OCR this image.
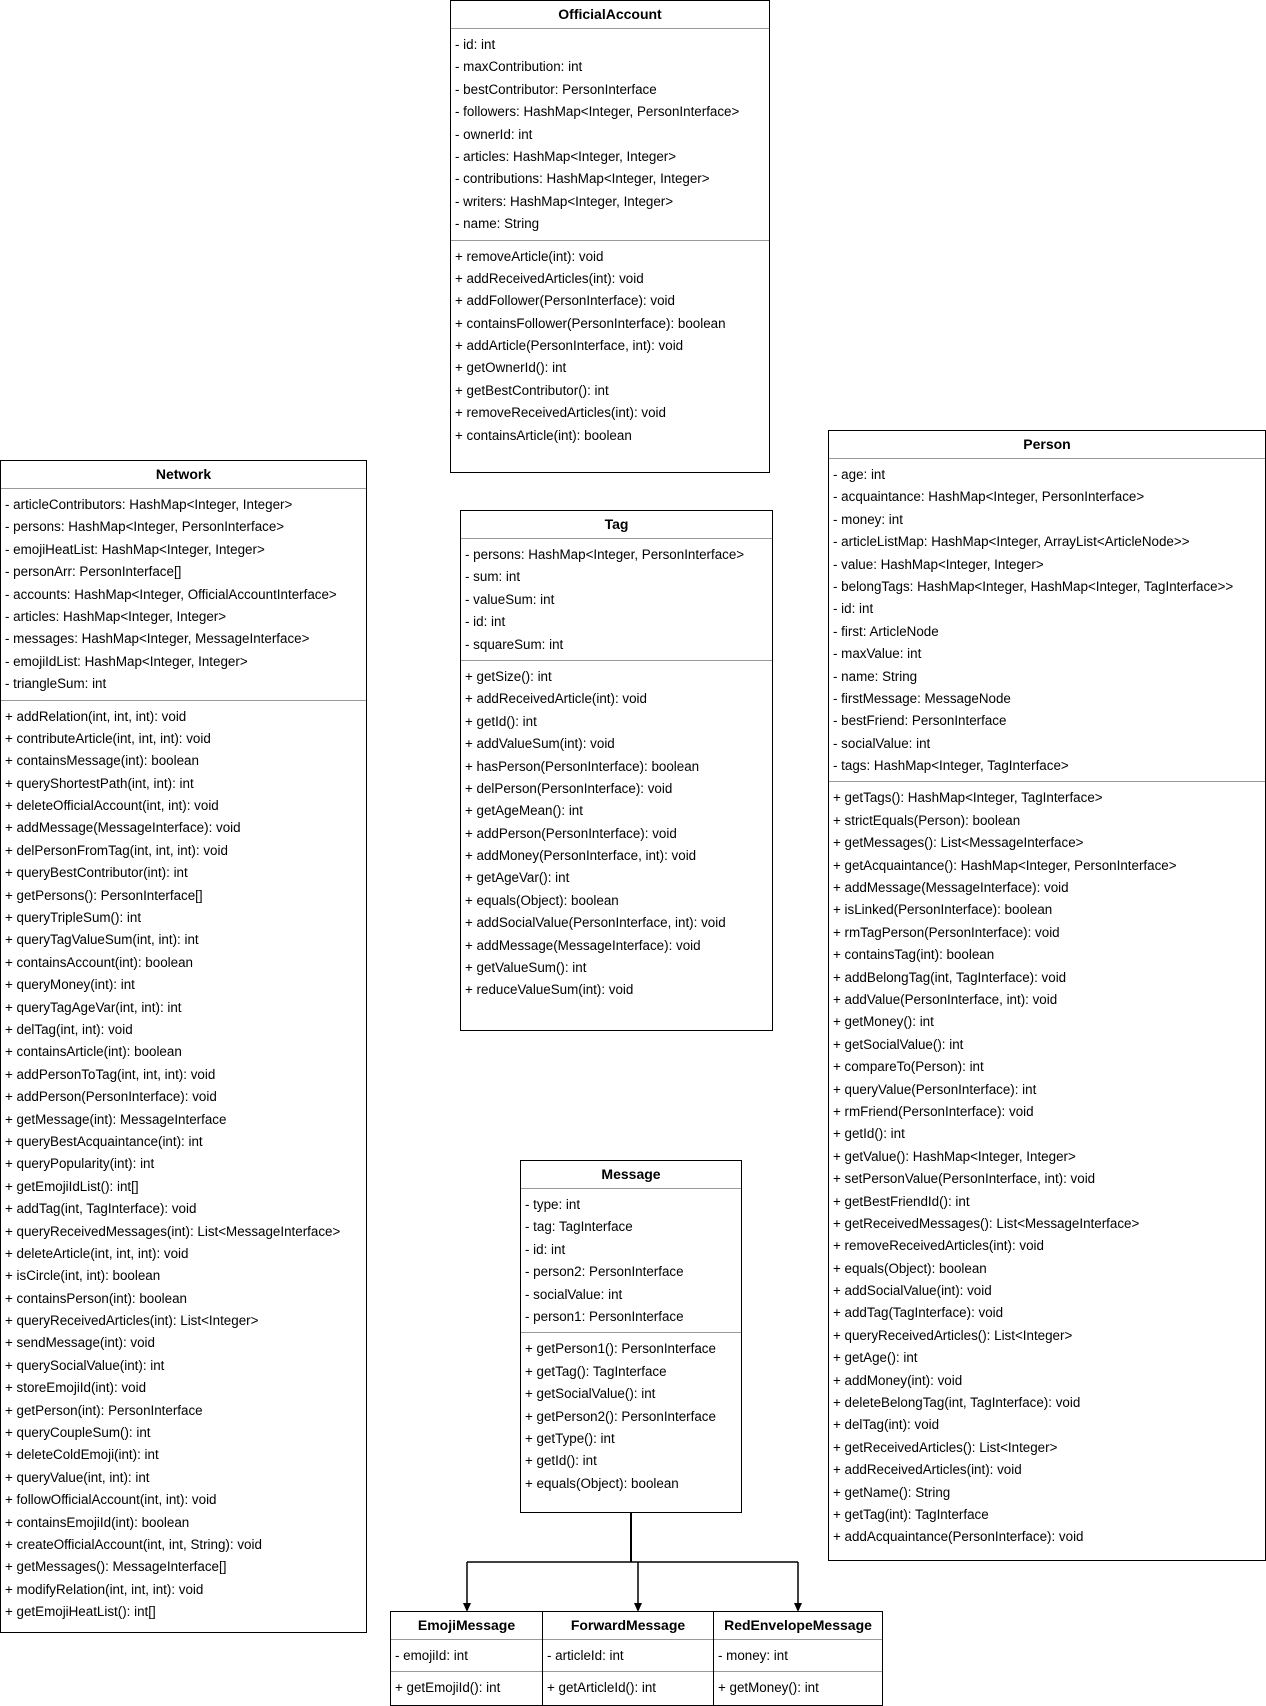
OfficialAccount
- id: int
- maxContribution: int
- bestContributor: PersonInterface
- followers: HashMap<Integer, PersonInterface>
- ownerId: int
- articles: HashMap<Integer, Integer>
- contributions: HashMap<Integer, Integer>
- writers: HashMap<Integer, Integer>
- name: String
+ removeArticle(int): void
+ addReceivedArticles(int): void
+ addFollower(PersonInterface): void
+ containsFollower(PersonInterface): boolean
+ addArticle(PersonInterface, int): void
+ getOwnerId(): int
+ getBestContributor(): int
+ removeReceivedArticles(int): void
+ containsArticle(int): boolean
Network
- articleContributors: HashMap<Integer, Integer>
- persons: HashMap<Integer, PersonInterface>
- emojiHeatList: HashMap<Integer, Integer>
- personArr: PersonInterface[]
- accounts: HashMap<Integer, OfficialAccountInterface>
- articles: HashMap<Integer, Integer>
- messages: HashMap<Integer, MessageInterface>
- emojiIdList: HashMap<Integer, Integer>
- triangleSum: int
+ addRelation(int, int, int): void
+ contributeArticle(int, int, int): void
+ containsMessage(int): boolean
+ queryShortestPath(int, int): int
+ deleteOfficialAccount(int, int): void
+ addMessage(MessageInterface): void
+ delPersonFromTag(int, int, int): void
+ queryBestContributor(int): int
+ getPersons(): PersonInterface[]
+ queryTripleSum(): int
+ queryTagValueSum(int, int): int
+ containsAccount(int): boolean
+ queryMoney(int): int
+ queryTagAgeVar(int, int): int
+ delTag(int, int): void
+ containsArticle(int): boolean
+ addPersonToTag(int, int, int): void
+ addPerson(PersonInterface): void
+ getMessage(int): MessageInterface
+ queryBestAcquaintance(int): int
+ queryPopularity(int): int
+ getEmojiIdList(): int[]
+ addTag(int, TagInterface): void
+ queryReceivedMessages(int): List<MessageInterface>
+ deleteArticle(int, int, int): void
+ isCircle(int, int): boolean
+ containsPerson(int): boolean
+ queryReceivedArticles(int): List<Integer>
+ sendMessage(int): void
+ querySocialValue(int): int
+ storeEmojiId(int): void
+ getPerson(int): PersonInterface
+ queryCoupleSum(): int
+ deleteColdEmoji(int): int
+ queryValue(int, int): int
+ followOfficialAccount(int, int): void
+ containsEmojiId(int): boolean
+ createOfficialAccount(int, int, String): void
+ getMessages(): MessageInterface[]
+ modifyRelation(int, int, int): void
+ getEmojiHeatList(): int[]
Tag
- persons: HashMap<Integer, PersonInterface>
- sum: int
- valueSum: int
- id: int
- squareSum: int
+ getSize(): int
+ addReceivedArticle(int): void
+ getId(): int
+ addValueSum(int): void
+ hasPerson(PersonInterface): boolean
+ delPerson(PersonInterface): void
+ getAgeMean(): int
+ addPerson(PersonInterface): void
+ addMoney(PersonInterface, int): void
+ getAgeVar(): int
+ equals(Object): boolean
+ addSocialValue(PersonInterface, int): void
+ addMessage(MessageInterface): void
+ getValueSum(): int
+ reduceValueSum(int): void
Person
- age: int
- acquaintance: HashMap<Integer, PersonInterface>
- money: int
- articleListMap: HashMap<Integer, ArrayList<ArticleNode>>
- value: HashMap<Integer, Integer>
- belongTags: HashMap<Integer, HashMap<Integer, TagInterface>>
- id: int
- first: ArticleNode
- maxValue: int
- name: String
- firstMessage: MessageNode
- bestFriend: PersonInterface
- socialValue: int
- tags: HashMap<Integer, TagInterface>
+ getTags(): HashMap<Integer, TagInterface>
+ strictEquals(Person): boolean
+ getMessages(): List<MessageInterface>
+ getAcquaintance(): HashMap<Integer, PersonInterface>
+ addMessage(MessageInterface): void
+ isLinked(PersonInterface): boolean
+ rmTagPerson(PersonInterface): void
+ containsTag(int): boolean
+ addBelongTag(int, TagInterface): void
+ addValue(PersonInterface, int): void
+ getMoney(): int
+ getSocialValue(): int
+ compareTo(Person): int
+ queryValue(PersonInterface): int
+ rmFriend(PersonInterface): void
+ getId(): int
+ getValue(): HashMap<Integer, Integer>
+ setPersonValue(PersonInterface, int): void
+ getBestFriendId(): int
+ getReceivedMessages(): List<MessageInterface>
+ removeReceivedArticles(int): void
+ equals(Object): boolean
+ addSocialValue(int): void
+ addTag(TagInterface): void
+ queryReceivedArticles(): List<Integer>
+ getAge(): int
+ addMoney(int): void
+ deleteBelongTag(int, TagInterface): void
+ delTag(int): void
+ getReceivedArticles(): List<Integer>
+ addReceivedArticles(int): void
+ getName(): String
+ getTag(int): TagInterface
+ addAcquaintance(PersonInterface): void
Message
- type: int
- tag: TagInterface
- id: int
- person2: PersonInterface
- socialValue: int
- person1: PersonInterface
+ getPerson1(): PersonInterface
+ getTag(): TagInterface
+ getSocialValue(): int
+ getPerson2(): PersonInterface
+ getType(): int
+ getId(): int
+ equals(Object): boolean
EmojiMessage
- emojiId: int
+ getEmojiId(): int
ForwardMessage
- articleId: int
+ getArticleId(): int
RedEnvelopeMessage
- money: int
+ getMoney(): int
